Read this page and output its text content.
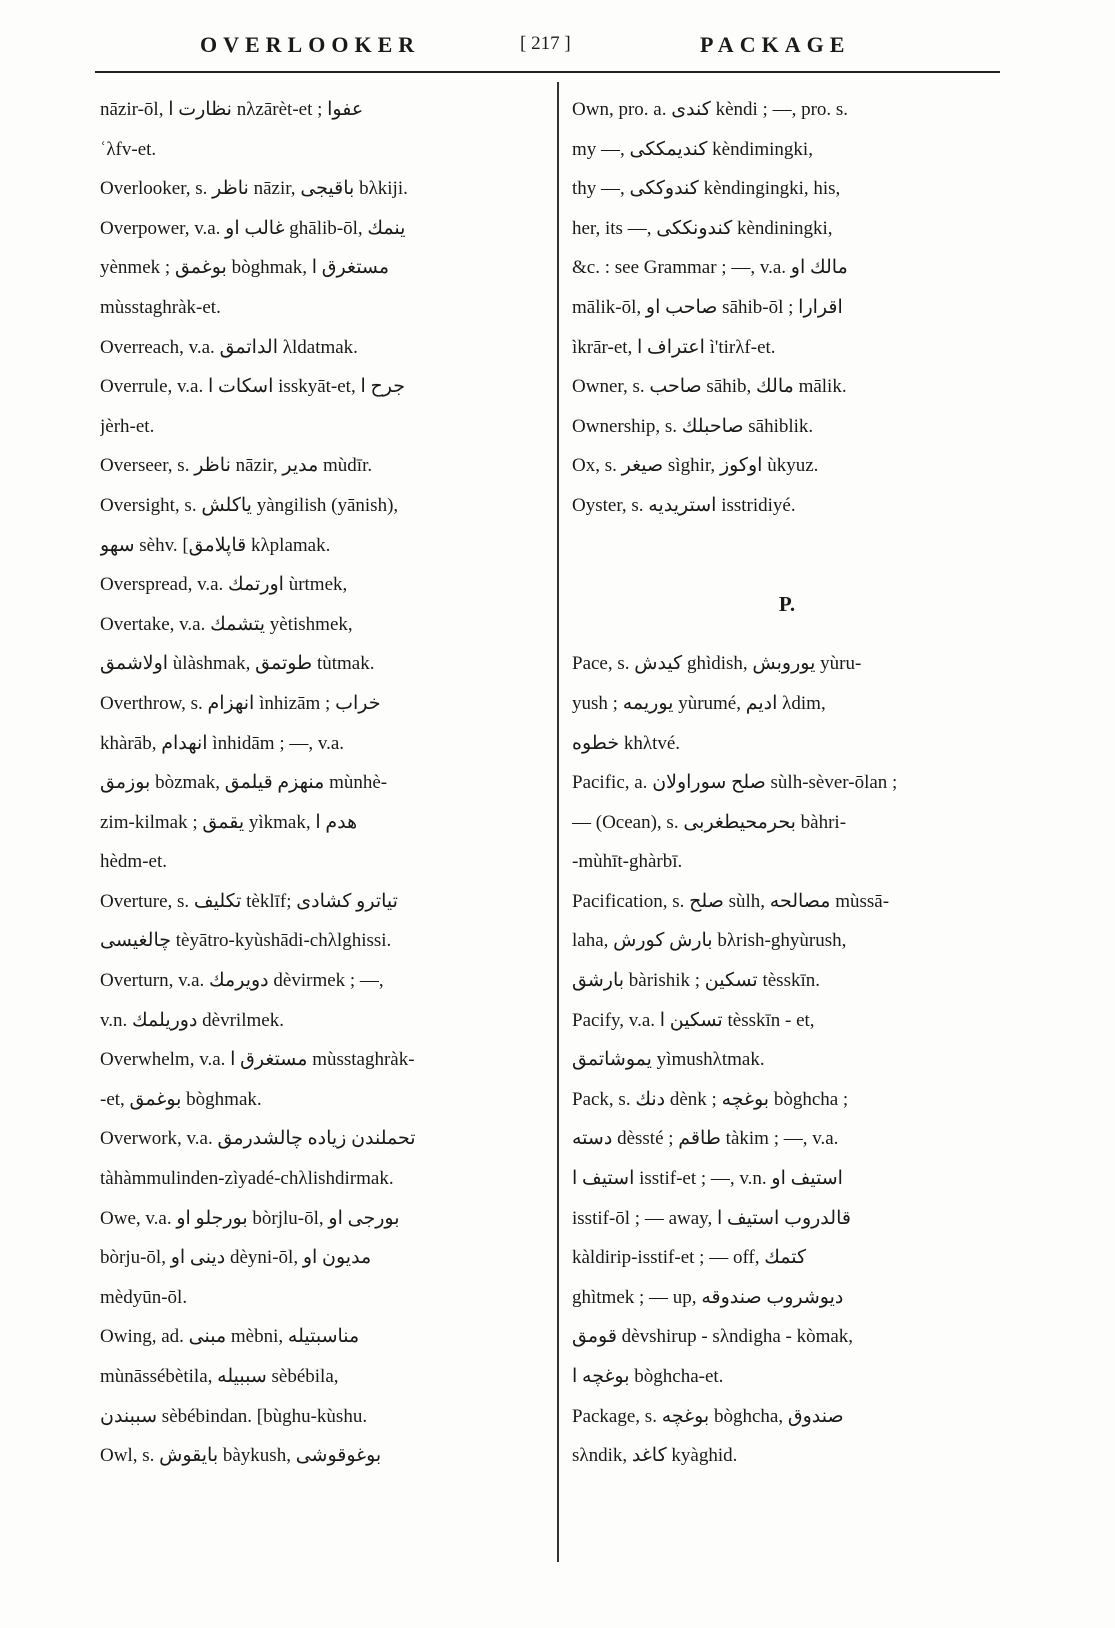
OVERLOOKER	[ 217 ]	PACKAGE
nāzir-ōl, نظارت ا nλzārèt-et ; عفوا
ʿλfv-et.
Overlooker, s. ناظر nāzir, باقیجی bλkiji.
Overpower, v.a. غالب او ghālib-ōl, ینمك
yènmek ; بوغمق bòghmak, مستغرق ا
mùsstaghràk-et.
Overreach, v.a. الداتمق λldatmak.
Overrule, v.a. اسكات ا isskyāt-et, جرح ا
jèrh-et.
Overseer, s. ناظر nāzir, مدیر mùdīr.
Oversight, s. یاكلش yàngilish (yānish),
سهو sèhv. [قاپلامق kλplamak.
Overspread, v.a. اورتمك ùrtmek,
Overtake, v.a. یتشمك yètishmek,
اولاشمق ùlàshmak, طوتمق tùtmak.
Overthrow, s. انهزام ìnhizām ; خراب
khàrāb, انهدام ìnhidām ; —, v.a.
بوزمق bòzmak, منهزم قیلمق mùnhè-
zim-kilmak ; یقمق yìkmak, هدم ا
hèdm-et.
Overture, s. تكلیف tèklīf; تیاترو كشادی
چالغیسی tèyātro-kyùshādi-chλlghissi.
Overturn, v.a. دویرمك dèvirmek ; —,
v.n. دوریلمك dèvrilmek.
Overwhelm, v.a. مستغرق ا mùsstaghràk-
-et, بوغمق bòghmak.
Overwork, v.a. تحملندن زیاده چالشدرمق
tàhàmmulinden-zìyadé-chλlishdirmak.
Owe, v.a. بورجلو او bòrjlu-ōl, بورجی او
bòrju-ōl, دینی او dèyni-ōl, مدیون او
mèdyūn-ōl.
Owing, ad. مبنی mèbni, مناسبتیله
mùnāssébètila, سببیله sèbébila,
سببندن sèbébindan. [bùghu-kùshu.
Owl, s. بایقوش bàykush, بوغوقوشی
Own, pro. a. كندی kèndi ; —, pro. s.
my —, كندیمككی kèndimingki,
thy —, كندوككی kèndingingki, his,
her, its —, كندونككی kèndiningki,
&c. : see Grammar ; —, v.a. مالك او
mālik-ōl, صاحب او sāhib-ōl ; اقرارا
ìkrār-et, اعتراف ا ì'tirλf-et.
Owner, s. صاحب sāhib, مالك mālik.
Ownership, s. صاحبلك sāhiblik.
Ox, s. صیغر sìghir, اوكوز ùkyuz.
Oyster, s. استریدیه isstridiyé.
P.
Pace, s. كیدش ghìdish, یوروبش yùru-
yush ; یوریمه yùrumé, ادیم λdim,
خطوه khλtvé.
Pacific, a. صلح سوراولان sùlh-sèver-ōlan ;
— (Ocean), s. بحرمحیطغربی bàhri-
-mùhīt-ghàrbī.
Pacification, s. صلح sùlh, مصالحه mùssā-
laha, بارش كورش bλrish-ghyùrush,
بارشق bàrishik ; تسكین tèsskīn.
Pacify, v.a. تسكین ا tèsskīn - et,
یموشاتمق yìmushλtmak.
Pack, s. دنك dènk ; بوغچه bòghcha ;
دسته dèssté ; طاقم tàkim ; —, v.a.
استیف ا isstif-et ; —, v.n. استیف او
isstif-ōl ; — away, قالدروب استیف ا
kàldirip-isstif-et ; — off, كتمك
ghìtmek ; — up, دیوشروب صندوقه
قومق dèvshirup - sλndigha - kòmak,
بوغچه ا bòghcha-et.
Package, s. بوغچه bòghcha, صندوق
sλndik, كاغد kyàghid.
